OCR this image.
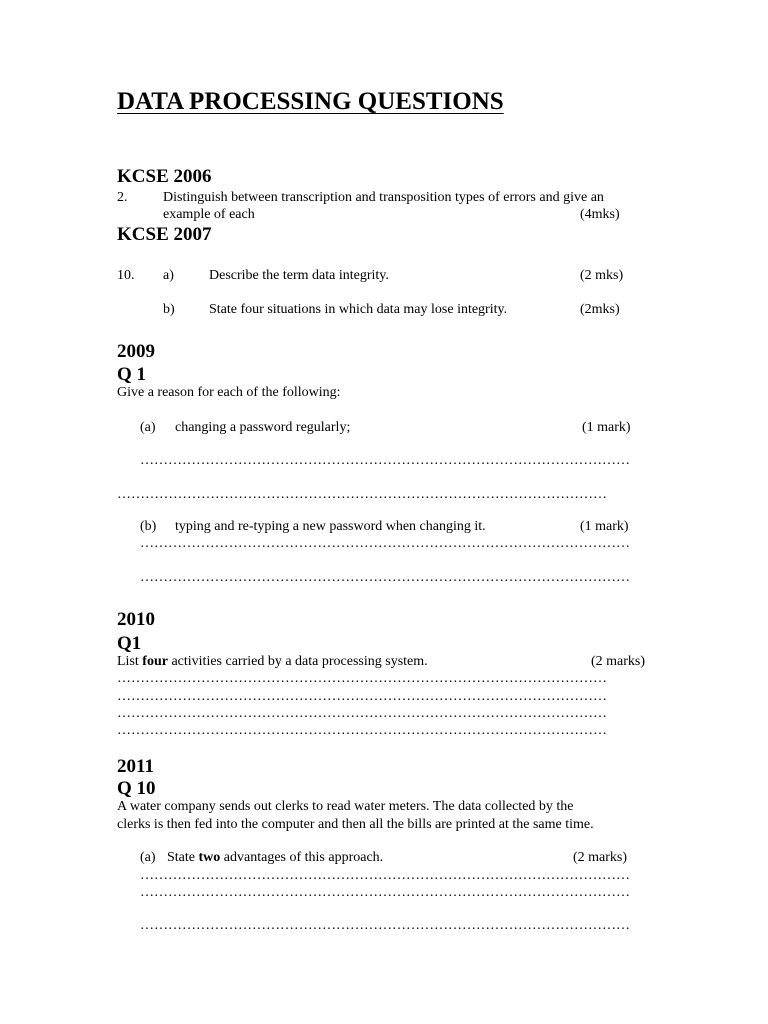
DATA PROCESSING QUESTIONS
KCSE 2006
2.	Distinguish between transcription and transposition types of errors and give an
example of each	(4mks)
KCSE 2007
10. a)	Describe the term data integrity.	(2 mks)
b) State four situations in which data may lose integrity.	(2mks)
2009
Q 1
Give a reason for each of the following:
(a) changing a password regularly;	(1 mark)
……………………………………………………………………………………………
……………………………………………………………………………………………
(b) typing and re-typing a new password when changing it.	(1 mark)
……………………………………………………………………………………………
……………………………………………………………………………………………
2010
Q1
List four activities carried by a data processing system.	(2 marks)
……………………………………………………………………………………………
……………………………………………………………………………………………
……………………………………………………………………………………………
……………………………………………………………………………………………
2011
Q 10
A water company sends out clerks to read water meters. The data collected by the
clerks is then fed into the computer and then all the bills are printed at the same time.
(a) State two advantages of this approach.	(2 marks)
……………………………………………………………………………………………
……………………………………………………………………………………………
……………………………………………………………………………………………
